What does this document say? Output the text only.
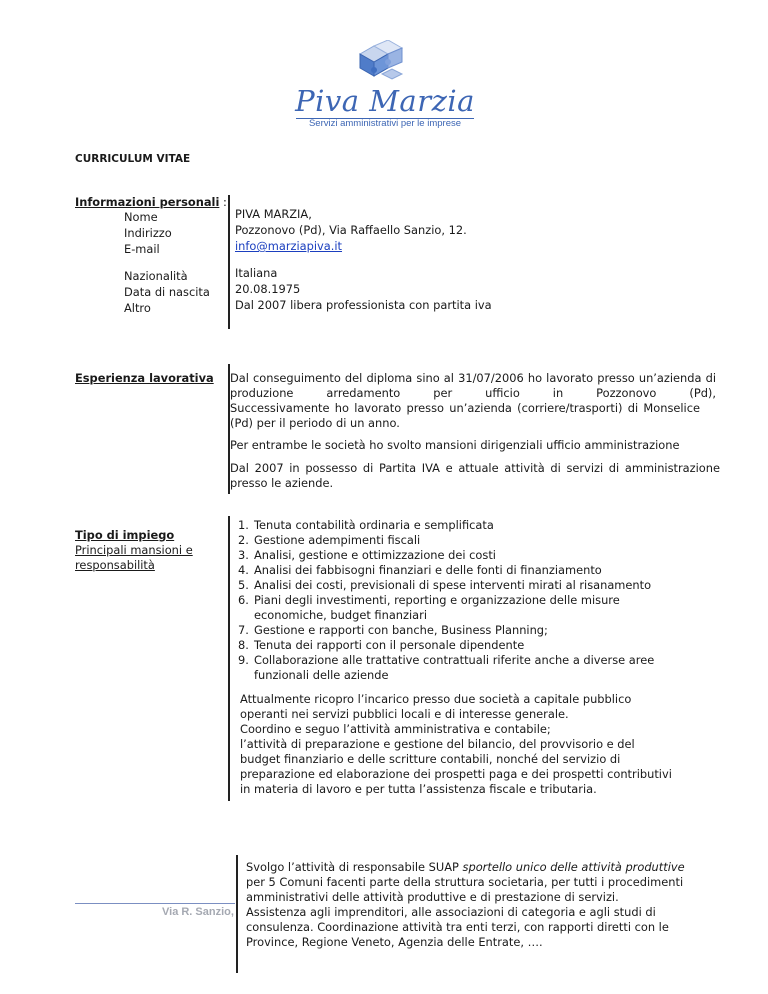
Piva Marzia
Servizi amministrativi per le imprese
CURRICULUM VITAE
Informazioni personali :
Nome
Indirizzo
E-mail
PIVA MARZIA,
Pozzonovo (Pd), Via Raffaello Sanzio, 12.
info@marziapiva.it
Nazionalità
Data di nascita
Altro
Italiana
20.08.1975
Dal 2007 libera professionista con partita iva
Esperienza lavorativa Dal conseguimento del diploma sino al 31/07/2006 ho lavorato presso un’azienda di produzione arredamento per ufficio in Pozzonovo (Pd),
Successivamente ho lavorato presso un’azienda (corriere/trasporti) di Monselice (Pd) per il periodo di un anno.
Per entrambe le società ho svolto mansioni dirigenziali ufficio amministrazione
Dal 2007 in possesso di Partita IVA e attuale attività di servizi di amministrazione presso le aziende.
Tipo di impiego
Principali mansioni e responsabilità
1. Tenuta contabilità ordinaria e semplificata
2. Gestione adempimenti fiscali
3. Analisi, gestione e ottimizzazione dei costi
4. Analisi dei fabbisogni finanziari e delle fonti di finanziamento
5. Analisi dei costi, previsionali di spese interventi mirati al risanamento
6. Piani degli investimenti, reporting e organizzazione delle misure economiche, budget finanziari
7. Gestione e rapporti con banche, Business Planning;
8. Tenuta dei rapporti con il personale dipendente
9. Collaborazione alle trattative contrattuali riferite anche a diverse aree funzionali delle aziende
Attualmente ricopro l’incarico presso due società a capitale pubblico
operanti nei servizi pubblici locali e di interesse generale.
Coordino e seguo l’attività amministrativa e contabile;
l’attività di preparazione e gestione del bilancio, del provvisorio e del
budget finanziario e delle scritture contabili, nonché del servizio di
preparazione ed elaborazione dei prospetti paga e dei prospetti contributivi
in materia di lavoro e per tutta l’assistenza fiscale e tributaria.
Svolgo l’attività di responsabile SUAP sportello unico delle attività produttive
per 5 Comuni facenti parte della struttura societaria, per tutti i procedimenti
amministrativi delle attività produttive e di prestazione di servizi.
Assistenza agli imprenditori, alle associazioni di categoria e agli studi di
consulenza. Coordinazione attività tra enti terzi, con rapporti diretti con le
Province, Regione Veneto, Agenzia delle Entrate, ….
Via R. Sanzio,
